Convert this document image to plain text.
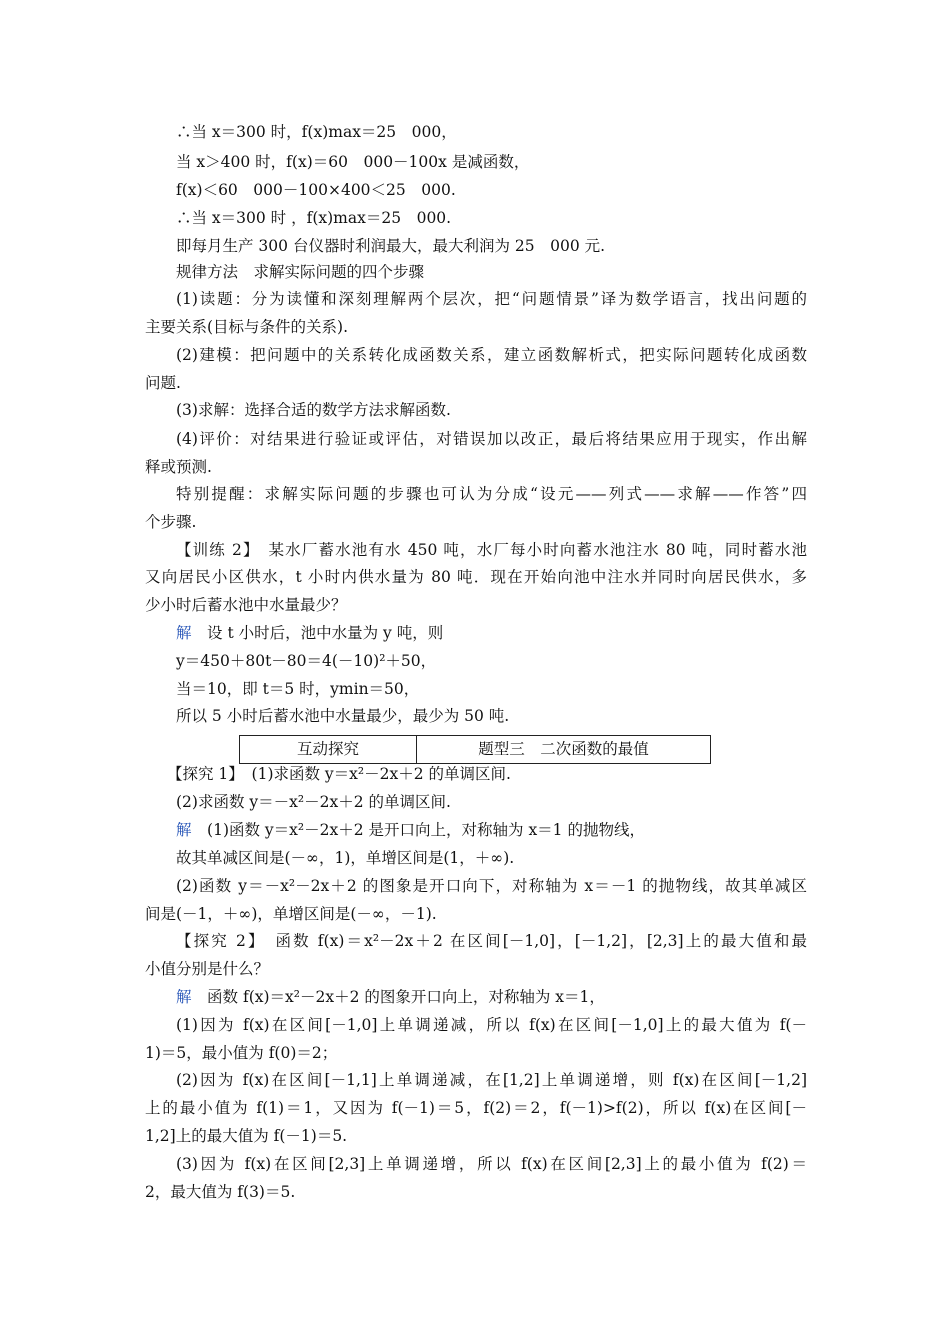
∴当 x＝300 时，f(x)max＝25　000，
当 x＞400 时，f(x)＝60　000－100x 是减函数，
f(x)＜60　000－100×400＜25　000.
∴当 x＝300 时 ，f(x)max＝25　000.
即每月生产 300 台仪器时利润最大，最大利润为 25　000 元.
规律方法　求解实际问题的四个步骤
(1)读题：分为读懂和深刻理解两个层次，把“问题情景”译为数学语言，找出问题的
主要关系(目标与条件的关系).
(2)建模：把问题中的关系转化成函数关系，建立函数解析式，把实际问题转化成函数
问题.
(3)求解：选择合适的数学方法求解函数.
(4)评价：对结果进行验证或评估，对错误加以改正，最后将结果应用于现实，作出解
释或预测.
特别提醒：求解实际问题的步骤也可认为分成“设元——列式——求解——作答”四
个步骤.
【训练 2】　某水厂蓄水池有水 450 吨，水厂每小时向蓄水池注水 80 吨，同时蓄水池
又向居民小区供水，t 小时内供水量为 80 吨．现在开始向池中注水并同时向居民供水，多
少小时后蓄水池中水量最少？
解　 设 t 小时后，池中水量为 y 吨，则
y＝450＋80t－80＝4(－10)²＋50，
当＝10，即 t＝5 时，ymin＝50，
所以 5 小时后蓄水池中水量最少，最少为 50 吨.
互动探究	题型三　二次函数的最值
【探究 1】　(1)求函数 y＝x²－2x＋2 的单调区间.
(2)求函数 y＝－x²－2x＋2 的单调区间.
解　 (1)函数 y＝x²－2x＋2 是开口向上，对称轴为 x＝1 的抛物线，
故其单减区间是(－∞，1)，单增区间是(1，＋∞).
(2)函数 y＝－x²－2x＋2 的图象是开口向下，对称轴为 x＝－1 的抛物线，故其单减区
间是(－1，＋∞)，单增区间是(－∞，－1).
【探究 2】　函数 f(x)＝x²－2x＋2 在区间[－1,0]，[－1,2]，[2,3]上的最大值和最
小值分别是什么？
解　 函数 f(x)＝x²－2x＋2 的图象开口向上，对称轴为 x＝1，
(1)因为 f(x)在区间[－1,0]上单调递减，所以 f(x)在区间[－1,0]上的最大值为 f(－
1)＝5，最小值为 f(0)＝2；
(2)因为 f(x)在区间[－1,1]上单调递减，在[1,2]上单调递增，则 f(x)在区间[－1,2]
上的最小值为 f(1)＝1，又因为 f(－1)＝5，f(2)＝2，f(－1)>f(2)，所以 f(x)在区间[－
1,2]上的最大值为 f(－1)＝5.
(3)因为 f(x)在区间[2,3]上单调递增，所以 f(x)在区间[2,3]上的最小值为 f(2)＝
2，最大值为 f(3)＝5.
